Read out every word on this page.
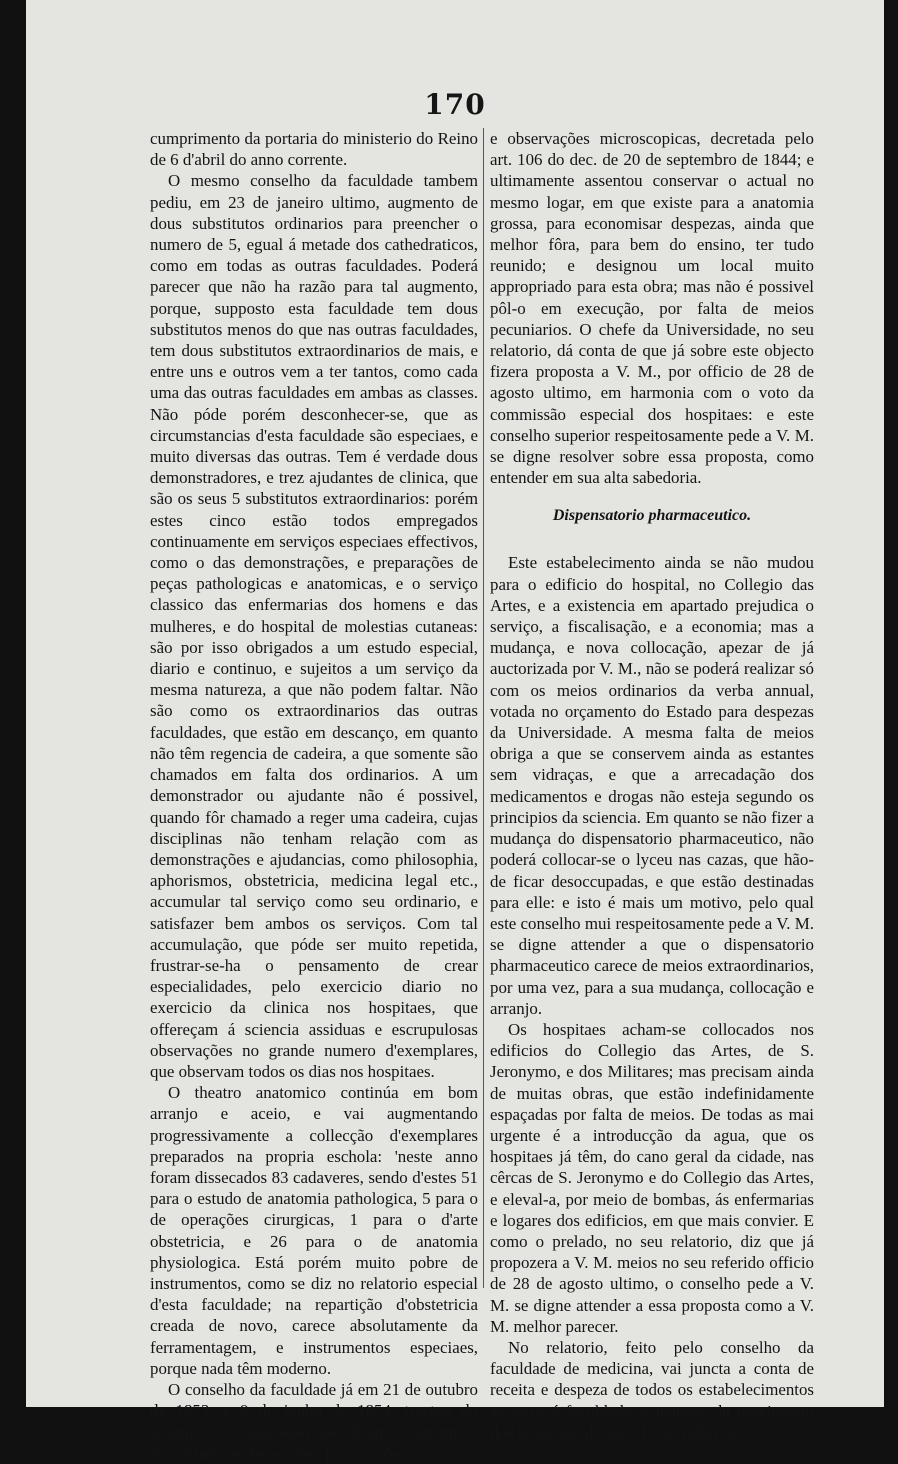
170

cumprimento da portaria do ministerio do Reino de 6 d'abril do anno corrente.

O mesmo conselho da faculdade tambem pediu, em 23 de janeiro ultimo, augmento de dous substitutos ordinarios para preencher o numero de 5, egual á metade dos cathedraticos, como em todas as outras faculdades. Poderá parecer que não ha razão para tal augmento, porque, supposto esta faculdade tem dous substitutos menos do que nas outras faculdades, tem dous substitutos extraordinarios de mais, e entre uns e outros vem a ter tantos, como cada uma das outras faculdades em ambas as classes. Não póde porém desconhecer-se, que as circumstancias d'esta faculdade são especiaes, e muito diversas das outras. Tem é verdade dous demonstradores, e trez ajudantes de clinica, que são os seus 5 substitutos extraordinarios: porém estes cinco estão todos empregados continuamente em serviços especiaes effectivos, como o das demonstrações, e preparações de peças pathologicas e anatomicas, e o serviço classico das enfermarias dos homens e das mulheres, e do hospital de molestias cutaneas: são por isso obrigados a um estudo especial, diario e continuo, e sujeitos a um serviço da mesma natureza, a que não podem faltar. Não são como os extraordinarios das outras faculdades, que estão em descanço, em quanto não têm regencia de cadeira, a que somente são chamados em falta dos ordinarios. A um demonstrador ou ajudante não é possivel, quando fôr chamado a reger uma cadeira, cujas disciplinas não tenham relação com as demonstrações e ajudancias, como philosophia, aphorismos, obstetricia, medicina legal etc., accumular tal serviço como seu ordinario, e satisfazer bem ambos os serviços. Com tal accumulação, que póde ser muito repetida, frustrar-se-ha o pensamento de crear especialidades, pelo exercicio diario no exercicio da clinica nos hospitaes, que offereçam á sciencia assiduas e escrupulosas observações no grande numero d'exemplares, que observam todos os dias nos hospitaes.

O theatro anatomico continúa em bom arranjo e aceio, e vai augmentando progressivamente a collecção d'exemplares preparados na propria eschola: 'neste anno foram dissecados 83 cadaveres, sendo d'estes 51 para o estudo de anatomia pathologica, 5 para o de operações cirurgicas, 1 para o d'arte obstetricia, e 26 para o de anatomia physiologica. Está porém muito pobre de instrumentos, como se diz no relatorio especial d'esta faculdade; na repartição d'obstetricia creada de novo, carece absolutamente da ferramentagem, e instrumentos especiaes, porque nada têm moderno.

O conselho da faculdade já em 21 de outubro de 1853, e 9 de junho de 1854, tractou do arranjo, e organisação do theatro anatomico, apropriado ás dissecções, preparações

e observações microscopicas, decretada pelo art. 106 do dec. de 20 de septembro de 1844; e ultimamente assentou conservar o actual no mesmo logar, em que existe para a anatomia grossa, para economisar despezas, ainda que melhor fôra, para bem do ensino, ter tudo reunido; e designou um local muito appropriado para esta obra; mas não é possivel pôl-o em execução, por falta de meios pecuniarios. O chefe da Universidade, no seu relatorio, dá conta de que já sobre este objecto fizera proposta a V. M., por officio de 28 de agosto ultimo, em harmonia com o voto da commissão especial dos hospitaes: e este conselho superior respeitosamente pede a V. M. se digne resolver sobre essa proposta, como entender em sua alta sabedoria.

Dispensatorio pharmaceutico.

Este estabelecimento ainda se não mudou para o edificio do hospital, no Collegio das Artes, e a existencia em apartado prejudica o serviço, a fiscalisação, e a economia; mas a mudança, e nova collocação, apezar de já auctorizada por V. M., não se poderá realizar só com os meios ordinarios da verba annual, votada no orçamento do Estado para despezas da Universidade. A mesma falta de meios obriga a que se conservem ainda as estantes sem vidraças, e que a arrecadação dos medicamentos e drogas não esteja segundo os principios da sciencia. Em quanto se não fizer a mudança do dispensatorio pharmaceutico, não poderá collocar-se o lyceu nas cazas, que hão-de ficar desoccupadas, e que estão destinadas para elle: e isto é mais um motivo, pelo qual este conselho mui respeitosamente pede a V. M. se digne attender a que o dispensatorio pharmaceutico carece de meios extraordinarios, por uma vez, para a sua mudança, collocação e arranjo.

Os hospitaes acham-se collocados nos edificios do Collegio das Artes, de S. Jeronymo, e dos Militares; mas precisam ainda de muitas obras, que estão indefinidamente espaçadas por falta de meios. De todas as mai urgente é a introducção da agua, que os hospitaes já têm, do cano geral da cidade, nas cêrcas de S. Jeronymo e do Collegio das Artes, e eleval-a, por meio de bombas, ás enfermarias e logares dos edificios, em que mais convier. E como o prelado, no seu relatorio, diz que já propozera a V. M. meios no seu referido officio de 28 de agosto ultimo, o conselho pede a V. M. se digne attender a essa proposta como a V. M. melhor parecer.

No relatorio, feito pelo conselho da faculdade de medicina, vai juncta a conta de receita e despeza de todos os estabelecimentos annexos á faculdade, e mappas do movimento dos hospitaes desde o 1.º de julho de 1853 a
